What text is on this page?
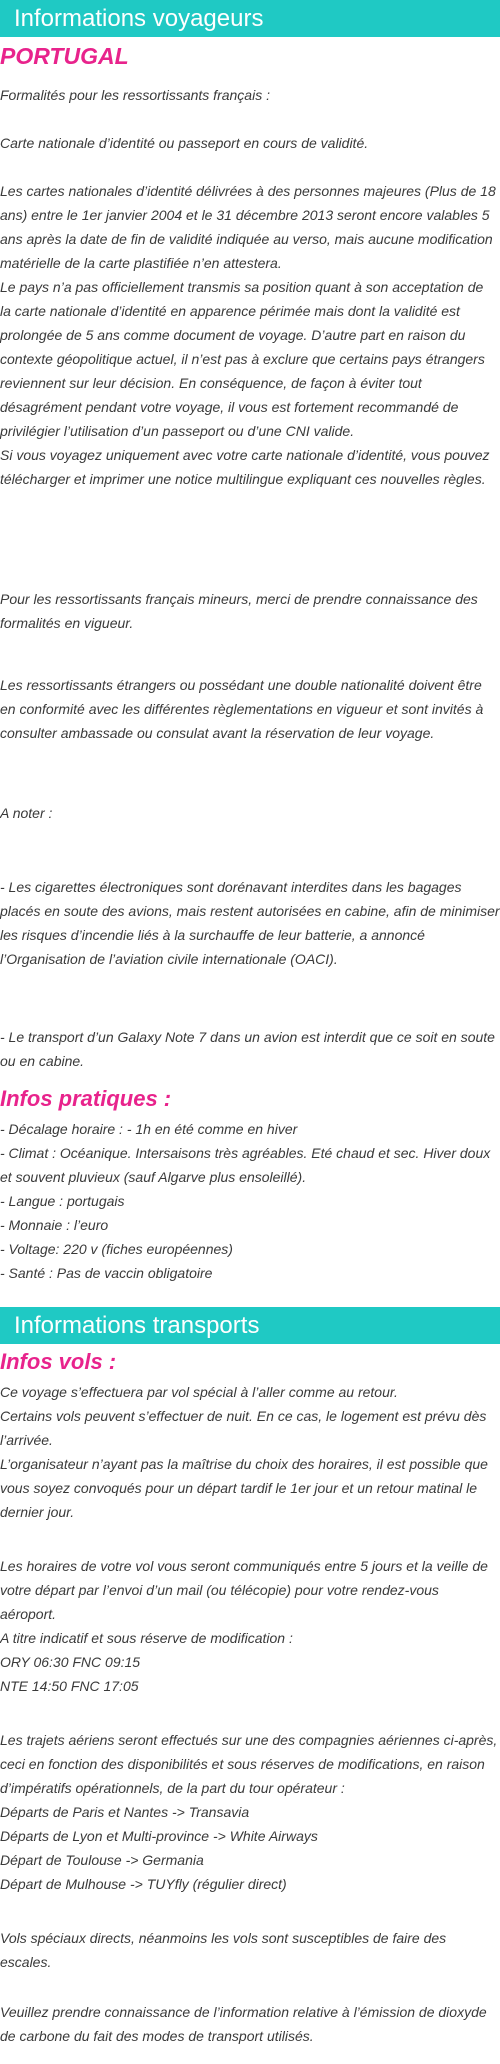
Informations voyageurs
PORTUGAL

Formalités pour les ressortissants français :

Carte nationale d’identité ou passeport en cours de validité.

Les cartes nationales d’identité délivrées à des personnes majeures (Plus de 18
ans) entre le 1er janvier 2004 et le 31 décembre 2013 seront encore valables 5
ans après la date de fin de validité indiquée au verso, mais aucune modification
matérielle de la carte plastifiée n’en attestera.
Le pays n’a pas officiellement transmis sa position quant à son acceptation de
la carte nationale d’identité en apparence périmée mais dont la validité est
prolongée de 5 ans comme document de voyage. D’autre part en raison du
contexte géopolitique actuel, il n’est pas à exclure que certains pays étrangers
reviennent sur leur décision. En conséquence, de façon à éviter tout
désagrément pendant votre voyage, il vous est fortement recommandé de
privilégier l’utilisation d’un passeport ou d’une CNI valide.
Si vous voyagez uniquement avec votre carte nationale d’identité, vous pouvez
télécharger et imprimer une notice multilingue expliquant ces nouvelles règles.

Pour les ressortissants français mineurs, merci de prendre connaissance des
formalités en vigueur.

Les ressortissants étrangers ou possédant une double nationalité doivent être
en conformité avec les différentes règlementations en vigueur et sont invités à
consulter ambassade ou consulat avant la réservation de leur voyage.

A noter :

- Les cigarettes électroniques sont dorénavant interdites dans les bagages
placés en soute des avions, mais restent autorisées en cabine, afin de minimiser
les risques d’incendie liés à la surchauffe de leur batterie, a annoncé
l’Organisation de l’aviation civile internationale (OACI).

- Le transport d’un Galaxy Note 7 dans un avion est interdit que ce soit en soute
ou en cabine.

Infos pratiques :

- Décalage horaire : - 1h en été comme en hiver
- Climat : Océanique. Intersaisons très agréables. Eté chaud et sec. Hiver doux
et souvent pluvieux (sauf Algarve plus ensoleillé).
- Langue : portugais
- Monnaie : l’euro
- Voltage: 220 v (fiches européennes)
- Santé : Pas de vaccin obligatoire

Informations transports
Infos vols :

Ce voyage s’effectuera par vol spécial à l’aller comme au retour.
Certains vols peuvent s’effectuer de nuit. En ce cas, le logement est prévu dès
l’arrivée.
L’organisateur n’ayant pas la maîtrise du choix des horaires, il est possible que
vous soyez convoqués pour un départ tardif le 1er jour et un retour matinal le
dernier jour.

Les horaires de votre vol vous seront communiqués entre 5 jours et la veille de
votre départ par l’envoi d’un mail (ou télécopie) pour votre rendez-vous
aéroport.
A titre indicatif et sous réserve de modification :
ORY 06:30 FNC 09:15
NTE 14:50 FNC 17:05

Les trajets aériens seront effectués sur une des compagnies aériennes ci-après,
ceci en fonction des disponibilités et sous réserves de modifications, en raison
d’impératifs opérationnels, de la part du tour opérateur :
Départs de Paris et Nantes -> Transavia
Départs de Lyon et Multi-province -> White Airways
Départ de Toulouse -> Germania
Départ de Mulhouse -> TUYfly (régulier direct)

Vols spéciaux directs, néanmoins les vols sont susceptibles de faire des escales.

Veuillez prendre connaissance de l’information relative à l’émission de dioxyde
de carbone du fait des modes de transport utilisés.
